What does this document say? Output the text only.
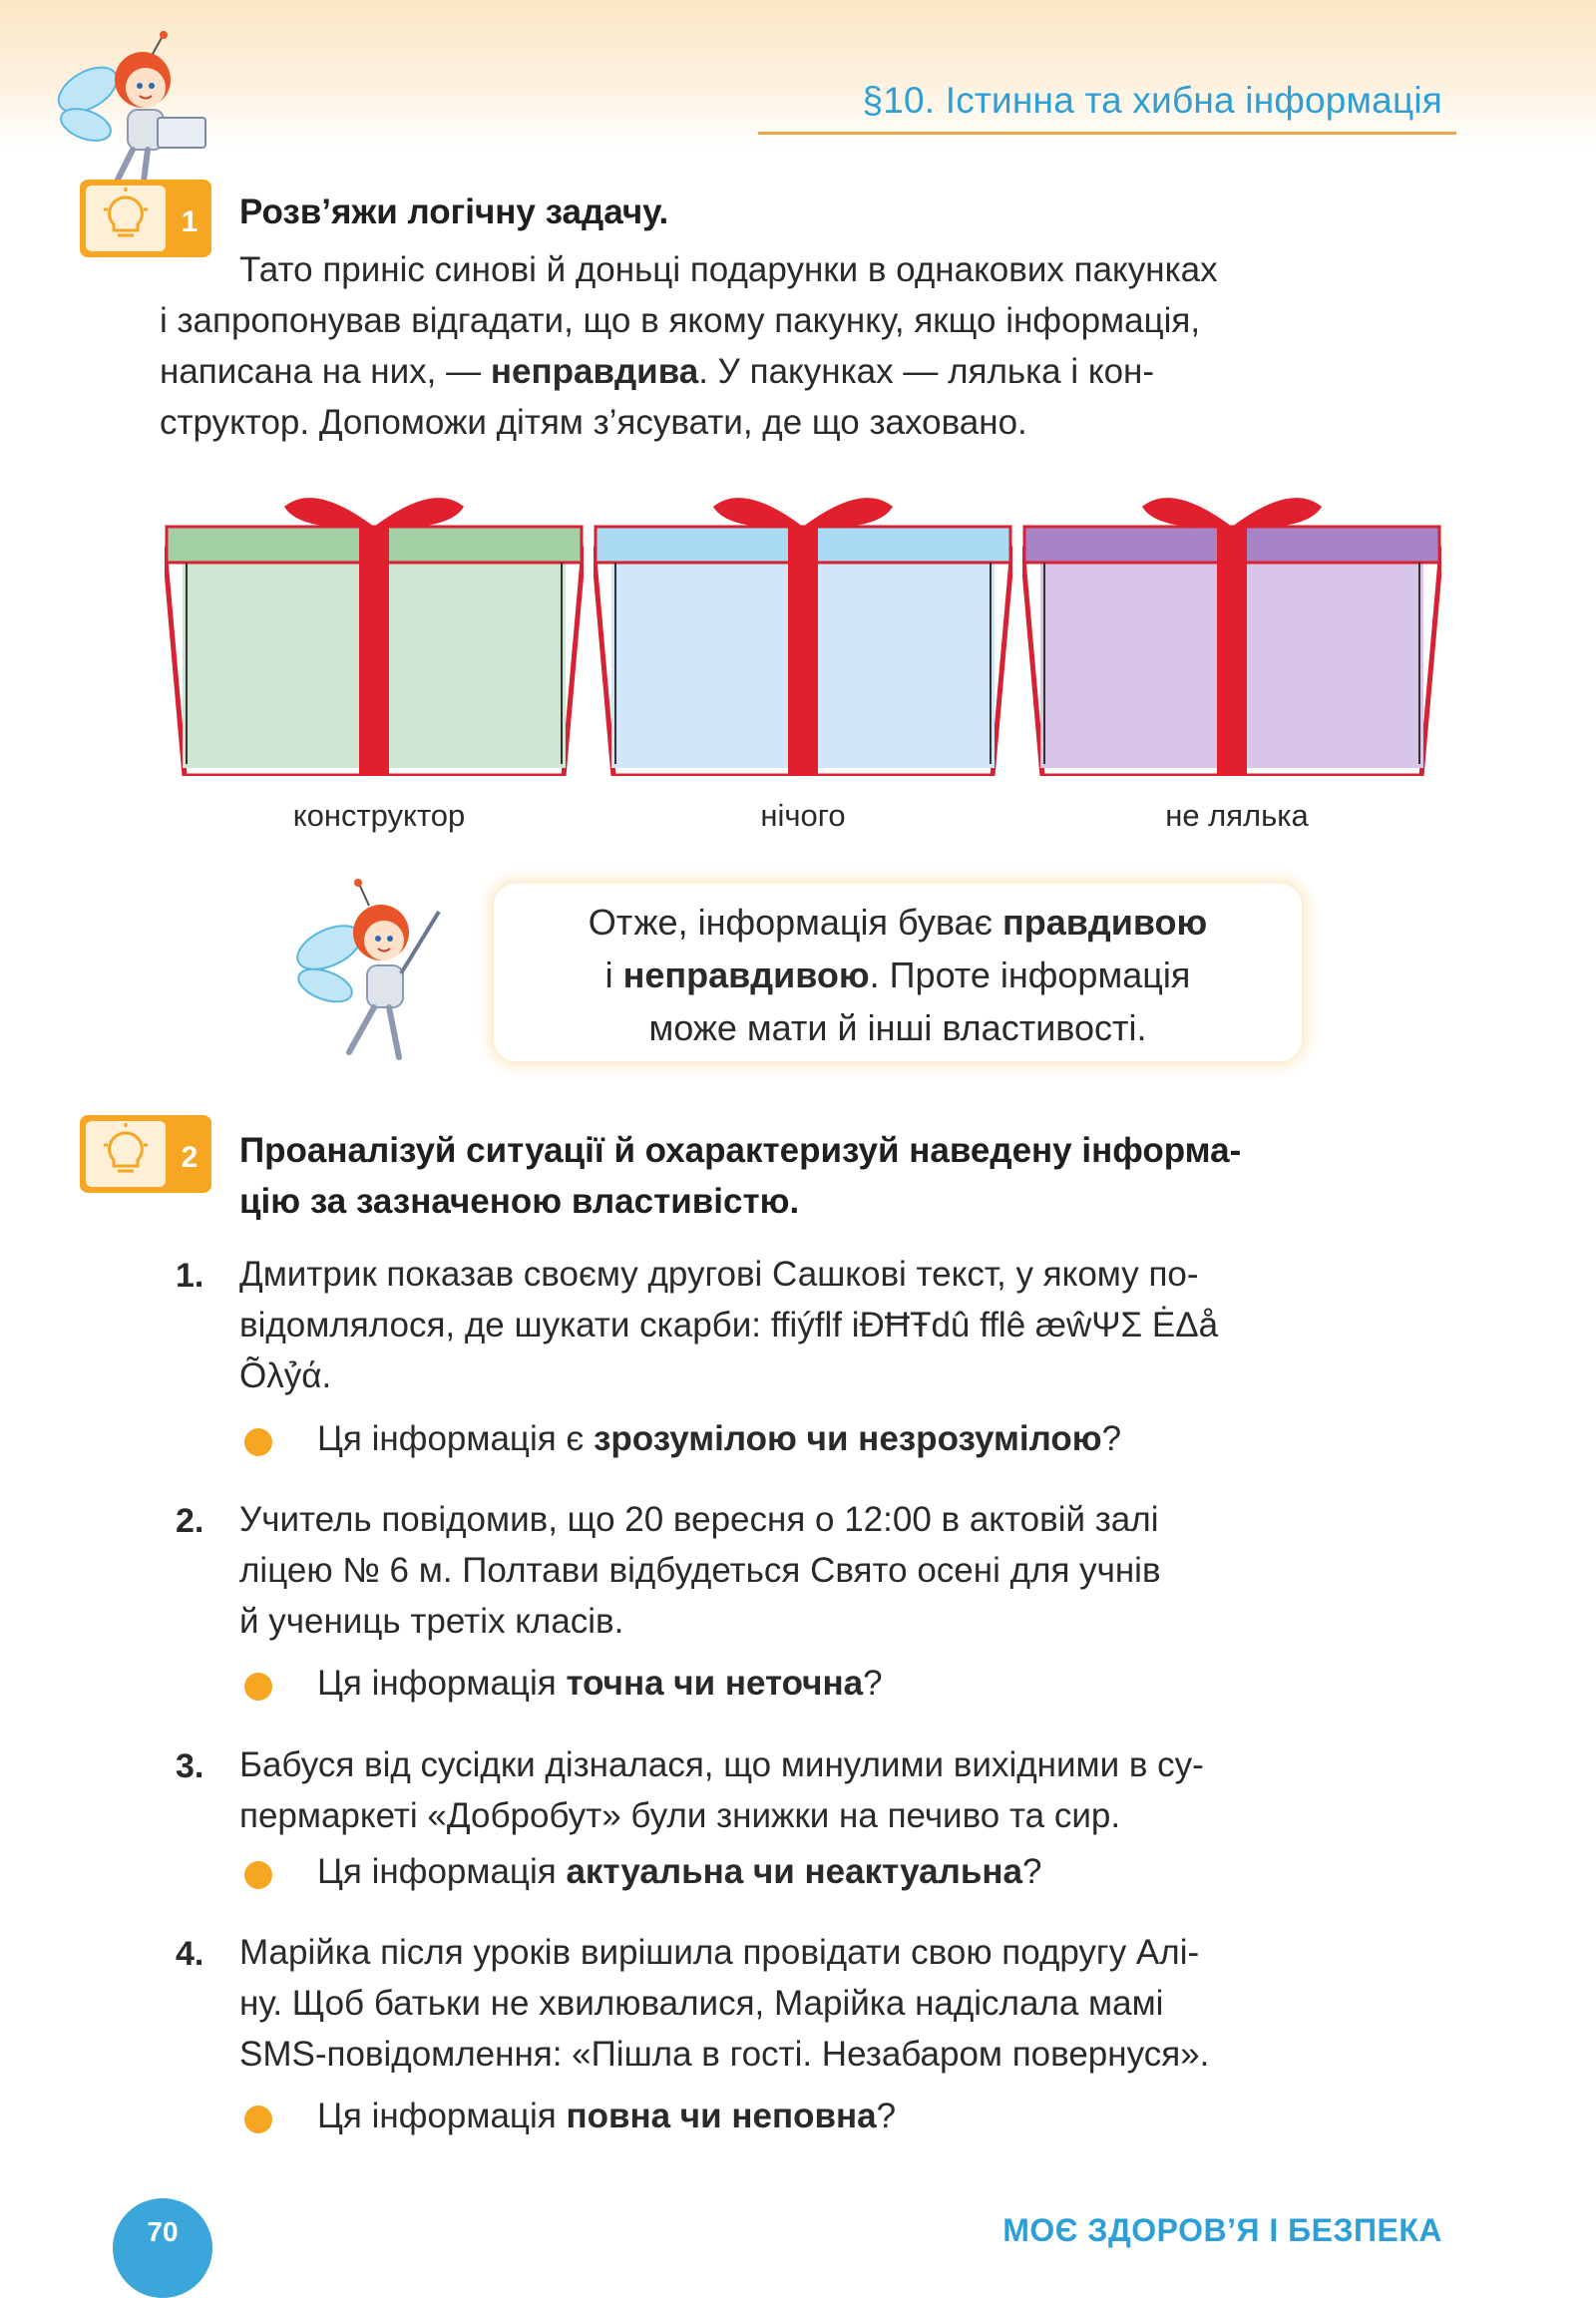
§10. Істинна та хибна інформація
1 Розв’яжи логічну задачу.
Тато приніс синові й доньці подарунки в однакових пакунках
і запропонував відгадати, що в якому пакунку, якщо інформація,
написана на них, — неправдива. У пакунках — лялька і кон-
структор. Допоможи дітям з’ясувати, де що заховано.
конструктор	нічого	не лялька
Отже, інформація буває правдивою
і неправдивою. Проте інформація
може мати й інші властивості.
2 Проаналізуй ситуації й охарактеризуй наведену інформа-
цію за зазначеною властивістю.
1. Дмитрик показав своєму другові Сашкові текст, у якому по-
відомлялося, де шукати скарби: ffiýflf iÐĦŦdû fflê æŵΨΣ ĖΔå
Õλỷά.
Ця інформація є зрозумілою чи незрозумілою?
2. Учитель повідомив, що 20 вересня о 12:00 в актовій залі
ліцею № 6 м. Полтави відбудеться Свято осені для учнів
й учениць третіх класів.
Ця інформація точна чи неточна?
3. Бабуся від сусідки дізналася, що минулими вихідними в су-
пермаркеті «Добробут» були знижки на печиво та сир.
Ця інформація актуальна чи неактуальна?
4. Марійка після уроків вирішила провідати свою подругу Алі-
ну. Щоб батьки не хвилювалися, Марійка надіслала мамі
SMS-повідомлення: «Пішла в гості. Незабаром повернуся».
Ця інформація повна чи неповна?
70	МОЄ ЗДОРОВ’Я І БЕЗПЕКА
